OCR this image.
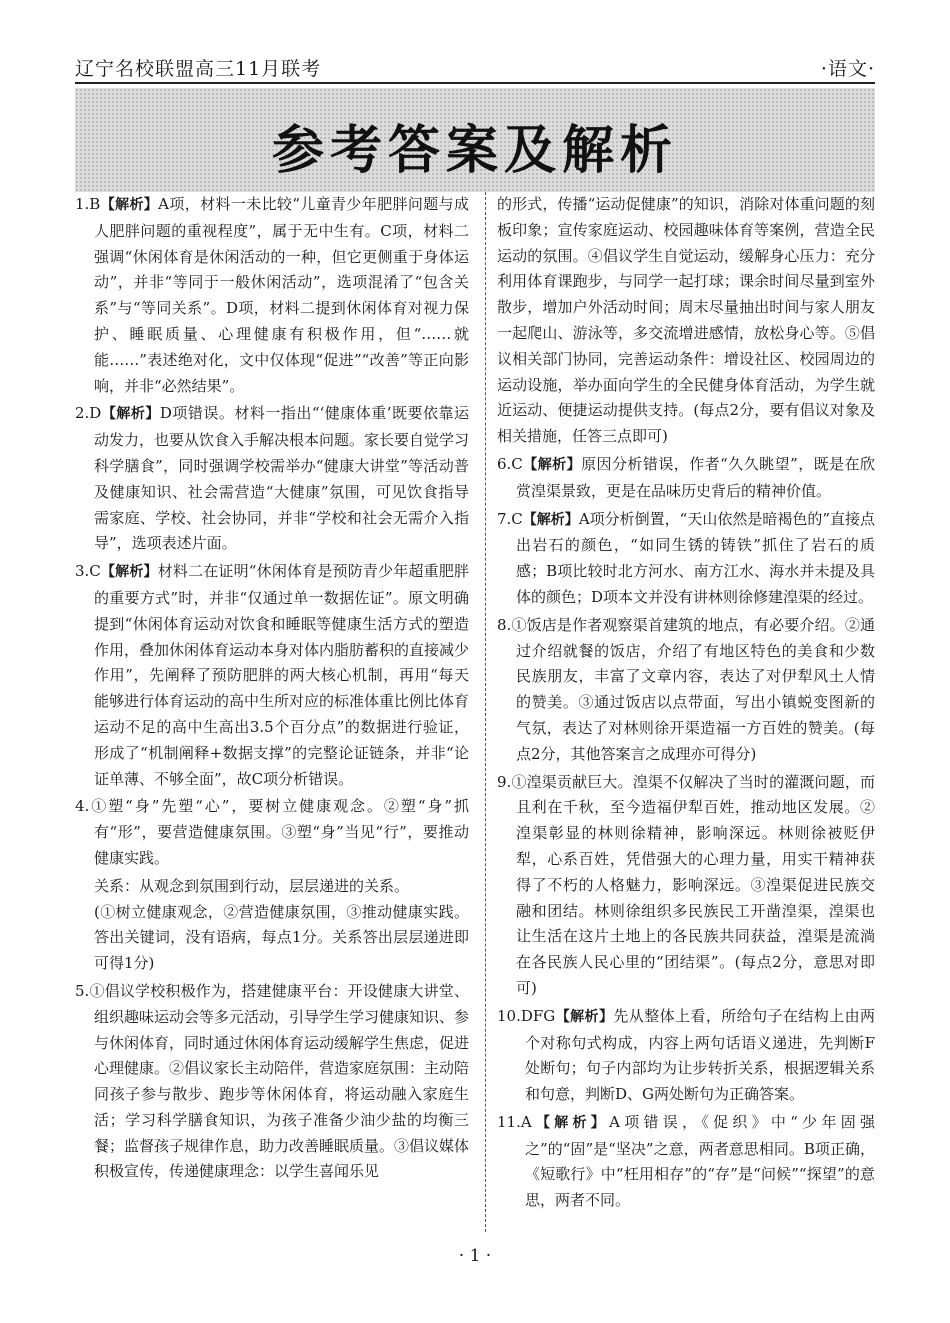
辽宁名校联盟高三11月联考	·语文·
参考答案及解析

1.B【解析】A项，材料一未比较“儿童青少年肥胖问题与成人肥胖问题的重视程度”，属于无中生有。C项，材料二强调“休闲体育是休闲活动的一种，但它更侧重于身体运动”，并非“等同于一般休闲活动”，选项混淆了“包含关系”与“等同关系”。D项，材料二提到休闲体育对视力保护、睡眠质量、心理健康有积极作用，但“……就能……”表述绝对化，文中仅体现“促进”“改善”等正向影响，并非“必然结果”。

2.D【解析】D项错误。材料一指出“‘健康体重’既要依靠运动发力，也要从饮食入手解决根本问题。家长要自觉学习科学膳食”，同时强调学校需举办“健康大讲堂”等活动普及健康知识、社会需营造“大健康”氛围，可见饮食指导需家庭、学校、社会协同，并非“学校和社会无需介入指导”，选项表述片面。

3.C【解析】材料二在证明“休闲体育是预防青少年超重肥胖的重要方式”时，并非“仅通过单一数据佐证”。原文明确提到“休闲体育运动对饮食和睡眠等健康生活方式的塑造作用，叠加休闲体育运动本身对体内脂肪蓄积的直接减少作用”，先阐释了预防肥胖的两大核心机制，再用“每天能够进行体育运动的高中生所对应的标准体重比例比体育运动不足的高中生高出3.5个百分点”的数据进行验证，形成了“机制阐释+数据支撑”的完整论证链条，并非“论证单薄、不够全面”，故C项分析错误。

4.①塑“身”先塑“心”，要树立健康观念。②塑“身”抓有“形”，要营造健康氛围。③塑“身”当见“行”，要推动健康实践。

关系：从观念到氛围到行动，层层递进的关系。

(①树立健康观念，②营造健康氛围，③推动健康实践。答出关键词，没有语病，每点1分。关系答出层层递进即可得1分)

5.①倡议学校积极作为，搭建健康平台：开设健康大讲堂、组织趣味运动会等多元活动，引导学生学习健康知识、参与休闲体育，同时通过休闲体育运动缓解学生焦虑，促进心理健康。②倡议家长主动陪伴，营造家庭氛围：主动陪同孩子参与散步、跑步等休闲体育，将运动融入家庭生活；学习科学膳食知识，为孩子准备少油少盐的均衡三餐；监督孩子规律作息，助力改善睡眠质量。③倡议媒体积极宣传，传递健康理念：以学生喜闻乐见

的形式，传播“运动促健康”的知识，消除对体重问题的刻板印象；宣传家庭运动、校园趣味体育等案例，营造全民运动的氛围。④倡议学生自觉运动，缓解身心压力：充分利用体育课跑步，与同学一起打球；课余时间尽量到室外散步，增加户外活动时间；周末尽量抽出时间与家人朋友一起爬山、游泳等，多交流增进感情，放松身心等。⑤倡议相关部门协同，完善运动条件：增设社区、校园周边的运动设施，举办面向学生的全民健身体育活动，为学生就近运动、便捷运动提供支持。(每点2分，要有倡议对象及相关措施，任答三点即可)

6.C【解析】原因分析错误，作者“久久眺望”，既是在欣赏湟渠景致，更是在品味历史背后的精神价值。

7.C【解析】A项分析倒置，“天山依然是暗褐色的”直接点出岩石的颜色，“如同生锈的铸铁”抓住了岩石的质感；B项比较时北方河水、南方江水、海水并未提及具体的颜色；D项本文并没有讲林则徐修建湟渠的经过。

8.①饭店是作者观察渠首建筑的地点，有必要介绍。②通过介绍就餐的饭店，介绍了有地区特色的美食和少数民族朋友，丰富了文章内容，表达了对伊犁风土人情的赞美。③通过饭店以点带面，写出小镇蜕变图新的气氛，表达了对林则徐开渠造福一方百姓的赞美。(每点2分，其他答案言之成理亦可得分)

9.①湟渠贡献巨大。湟渠不仅解决了当时的灌溉问题，而且利在千秋，至今造福伊犁百姓，推动地区发展。②湟渠彰显的林则徐精神，影响深远。林则徐被贬伊犁，心系百姓，凭借强大的心理力量，用实干精神获得了不朽的人格魅力，影响深远。③湟渠促进民族交融和团结。林则徐组织多民族民工开凿湟渠，湟渠也让生活在这片土地上的各民族共同获益，湟渠是流淌在各民族人民心里的“团结渠”。(每点2分，意思对即可)

10.DFG【解析】先从整体上看，所给句子在结构上由两个对称句式构成，内容上两句话语义递进，先判断F处断句；句子内部均为让步转折关系，根据逻辑关系和句意，判断D、G两处断句为正确答案。

11.A【解析】A项错误，《促织》中“少年固强之”的“固”是“坚决”之意，两者意思相同。B项正确，《短歌行》中“枉用相存”的“存”是“问候”“探望”的意思，两者不同。

· 1 ·
